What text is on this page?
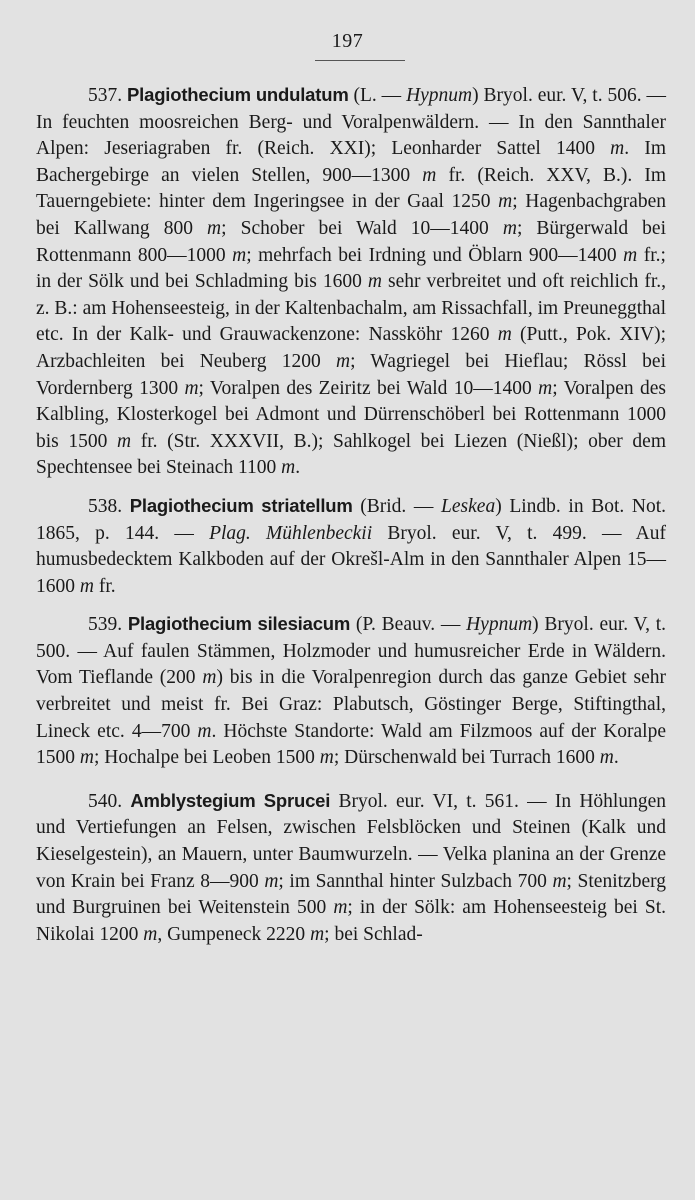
197

537. Plagiothecium undulatum (L. — Hypnum) Bryol. eur. V, t. 506. — In feuchten moosreichen Berg- und Voralpenwäldern. — In den Sannthaler Alpen: Jeseriagraben fr. (Reich. XXI); Leonharder Sattel 1400 m. Im Bachergebirge an vielen Stellen, 900—1300 m fr. (Reich. XXV, B.). Im Tauerngebiete: hinter dem Ingeringsee in der Gaal 1250 m; Hagenbachgraben bei Kallwang 800 m; Schober bei Wald 10—1400 m; Bürgerwald bei Rottenmann 800—1000 m; mehrfach bei Irdning und Öblarn 900—1400 m fr.; in der Sölk und bei Schladming bis 1600 m sehr verbreitet und oft reichlich fr., z. B.: am Hohenseesteig, in der Kaltenbachalm, am Rissachfall, im Preuneggthal etc. In der Kalk- und Grauwackenzone: Nassköhr 1260 m (Putt., Pok. XIV); Arzbachleiten bei Neuberg 1200 m; Wagriegel bei Hieflau; Rössl bei Vordernberg 1300 m; Voralpen des Zeiritz bei Wald 10—1400 m; Voralpen des Kalbling, Klosterkogel bei Admont und Dürrenschöberl bei Rottenmann 1000 bis 1500 m fr. (Str. XXXVII, B.); Sahlkogel bei Liezen (Nießl); ober dem Spechtensee bei Steinach 1100 m.

538. Plagiothecium striatellum (Brid. — Leskea) Lindb. in Bot. Not. 1865, p. 144. — Plag. Mühlenbeckii Bryol. eur. V, t. 499. — Auf humusbedecktem Kalkboden auf der Okrešl-Alm in den Sannthaler Alpen 15—1600 m fr.

539. Plagiothecium silesiacum (P. Beauv. — Hypnum) Bryol. eur. V, t. 500. — Auf faulen Stämmen, Holzmoder und humusreicher Erde in Wäldern. Vom Tieflande (200 m) bis in die Voralpenregion durch das ganze Gebiet sehr verbreitet und meist fr. Bei Graz: Plabutsch, Göstinger Berge, Stiftingthal, Lineck etc. 4—700 m. Höchste Standorte: Wald am Filzmoos auf der Koralpe 1500 m; Hochalpe bei Leoben 1500 m; Dürschenwald bei Turrach 1600 m.

540. Amblystegium Sprucei Bryol. eur. VI, t. 561. — In Höhlungen und Vertiefungen an Felsen, zwischen Felsblöcken und Steinen (Kalk und Kieselgestein), an Mauern, unter Baumwurzeln. — Velka planina an der Grenze von Krain bei Franz 8—900 m; im Sannthal hinter Sulzbach 700 m; Stenitzberg und Burgruinen bei Weitenstein 500 m; in der Sölk: am Hohenseesteig bei St. Nikolai 1200 m, Gumpeneck 2220 m; bei Schlad-
